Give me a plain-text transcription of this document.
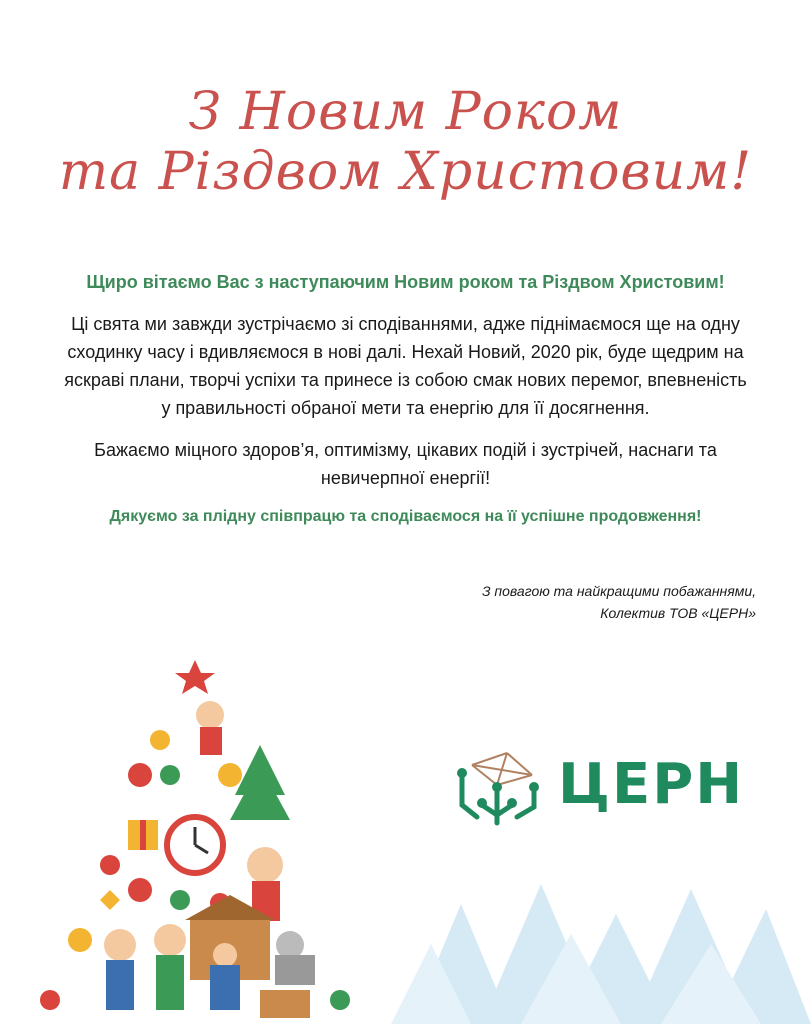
З Новим Роком
та Різдвом Христовим!
Щиро вітаємо Вас з наступаючим Новим роком та Різдвом Христовим!
Ці свята ми завжди зустрічаємо зі сподіваннями, адже піднімаємося ще на одну
сходинку часу і вдивляємося в нові далі. Нехай Новий, 2020 рік, буде щедрим на
яскраві плани, творчі успіхи та принесе із собою смак нових перемог, впевненість
у правильності обраної мети та енергію для її досягнення.
Бажаємо міцного здоров’я, оптимізму, цікавих подій і зустрічей, наснаги та
невичерпної енергії!
Дякуємо за плідну співпрацю та сподіваємося на її успішне продовження!
З повагою та найкращими побажаннями,
Колектив ТОВ «ЦЕРН»
ЦЕРН
